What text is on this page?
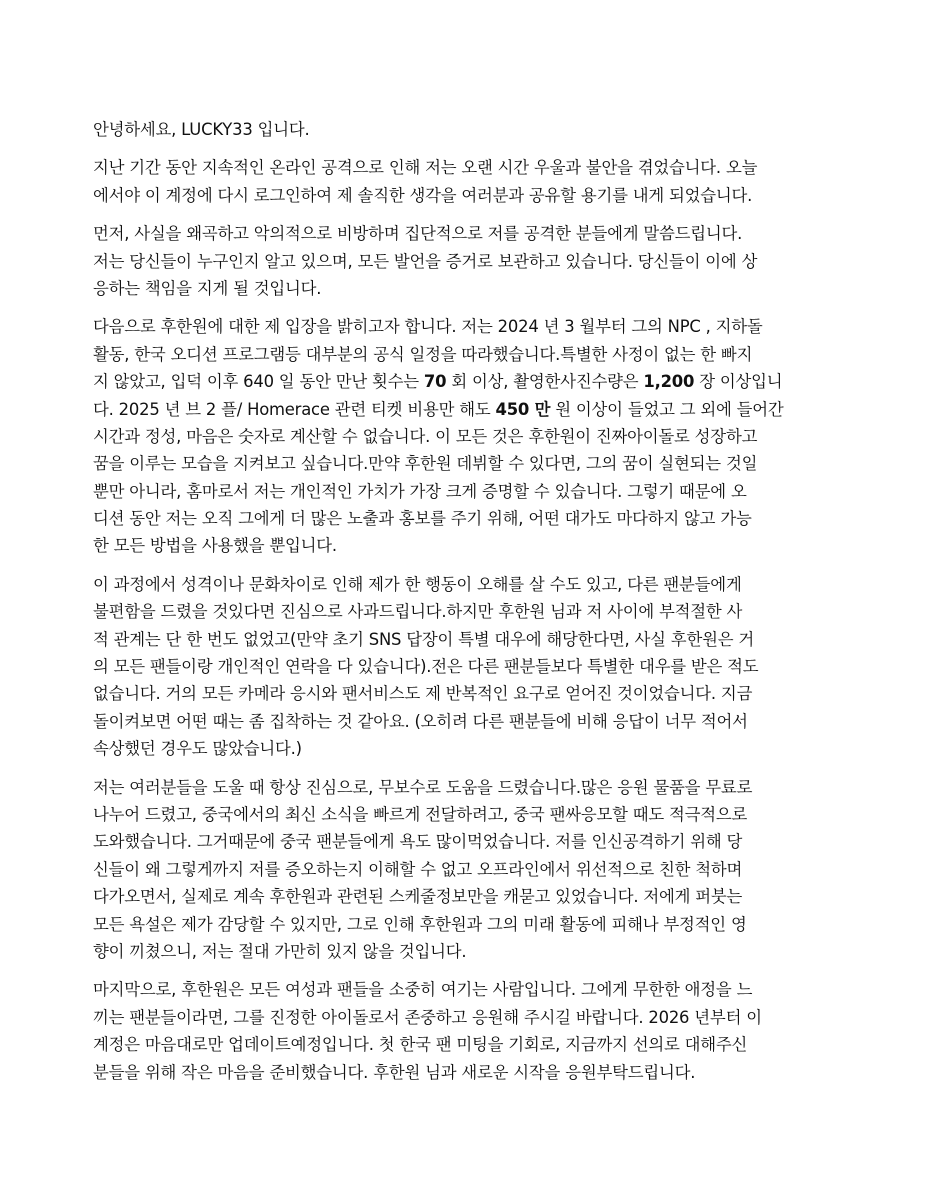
안녕하세요, LUCKY33 입니다.
지난 기간 동안 지속적인 온라인 공격으로 인해 저는 오랜 시간 우울과 불안을 겪었습니다. 오늘
에서야 이 계정에 다시 로그인하여 제 솔직한 생각을 여러분과 공유할 용기를 내게 되었습니다.
먼저, 사실을 왜곡하고 악의적으로 비방하며 집단적으로 저를 공격한 분들에게 말씀드립니다.
저는 당신들이 누구인지 알고 있으며, 모든 발언을 증거로 보관하고 있습니다. 당신들이 이에 상
응하는 책임을 지게 될 것입니다.
다음으로 후한원에 대한 제 입장을 밝히고자 합니다. 저는 2024 년 3 월부터 그의 NPC , 지하돌
활동, 한국 오디션 프로그램등 대부분의 공식 일정을 따라했습니다.특별한 사정이 없는 한 빠지
지 않았고, 입덕 이후 640 일 동안 만난 횟수는 70 회 이상, 촬영한사진수량은 1,200 장 이상입니
다. 2025 년 브 2 플/ Homerace 관련 티켓 비용만 해도 450 만 원 이상이 들었고 그 외에 들어간
시간과 정성, 마음은 숫자로 계산할 수 없습니다. 이 모든 것은 후한원이 진짜아이돌로 성장하고
꿈을 이루는 모습을 지켜보고 싶습니다.만약 후한원 데뷔할 수 있다면, 그의 꿈이 실현되는 것일
뿐만 아니라, 홈마로서 저는 개인적인 가치가 가장 크게 증명할 수 있습니다. 그렇기 때문에 오
디션 동안 저는 오직 그에게 더 많은 노출과 홍보를 주기 위해, 어떤 대가도 마다하지 않고 가능
한 모든 방법을 사용했을 뿐입니다.
이 과정에서 성격이나 문화차이로 인해 제가 한 행동이 오해를 살 수도 있고, 다른 팬분들에게
불편함을 드렸을 것있다면 진심으로 사과드립니다.하지만 후한원 님과 저 사이에 부적절한 사
적 관계는 단 한 번도 없었고(만약 초기 SNS 답장이 특별 대우에 해당한다면, 사실 후한원은 거
의 모든 팬들이랑 개인적인 연락을 다 있습니다).전은 다른 팬분들보다 특별한 대우를 받은 적도
없습니다. 거의 모든 카메라 응시와 팬서비스도 제 반복적인 요구로 얻어진 것이었습니다. 지금
돌이켜보면 어떤 때는 좀 집착하는 것 같아요. (오히려 다른 팬분들에 비해 응답이 너무 적어서
속상했던 경우도 많았습니다.)
저는 여러분들을 도울 때 항상 진심으로, 무보수로 도움을 드렸습니다.많은 응원 물품을 무료로
나누어 드렸고, 중국에서의 최신 소식을 빠르게 전달하려고, 중국 팬싸응모할 때도 적극적으로
도와했습니다. 그거때문에 중국 팬분들에게 욕도 많이먹었습니다. 저를 인신공격하기 위해 당
신들이 왜 그렇게까지 저를 증오하는지 이해할 수 없고 오프라인에서 위선적으로 친한 척하며
다가오면서, 실제로 계속 후한원과 관련된 스케줄정보만을 캐묻고 있었습니다. 저에게 퍼붓는
모든 욕설은 제가 감당할 수 있지만, 그로 인해 후한원과 그의 미래 활동에 피해나 부정적인 영
향이 끼쳤으니, 저는 절대 가만히 있지 않을 것입니다.
마지막으로, 후한원은 모든 여성과 팬들을 소중히 여기는 사람입니다. 그에게 무한한 애정을 느
끼는 팬분들이라면, 그를 진정한 아이돌로서 존중하고 응원해 주시길 바랍니다. 2026 년부터 이
계정은 마음대로만 업데이트예정입니다. 첫 한국 팬 미팅을 기회로, 지금까지 선의로 대해주신
분들을 위해 작은 마음을 준비했습니다. 후한원 님과 새로운 시작을 응원부탁드립니다.
